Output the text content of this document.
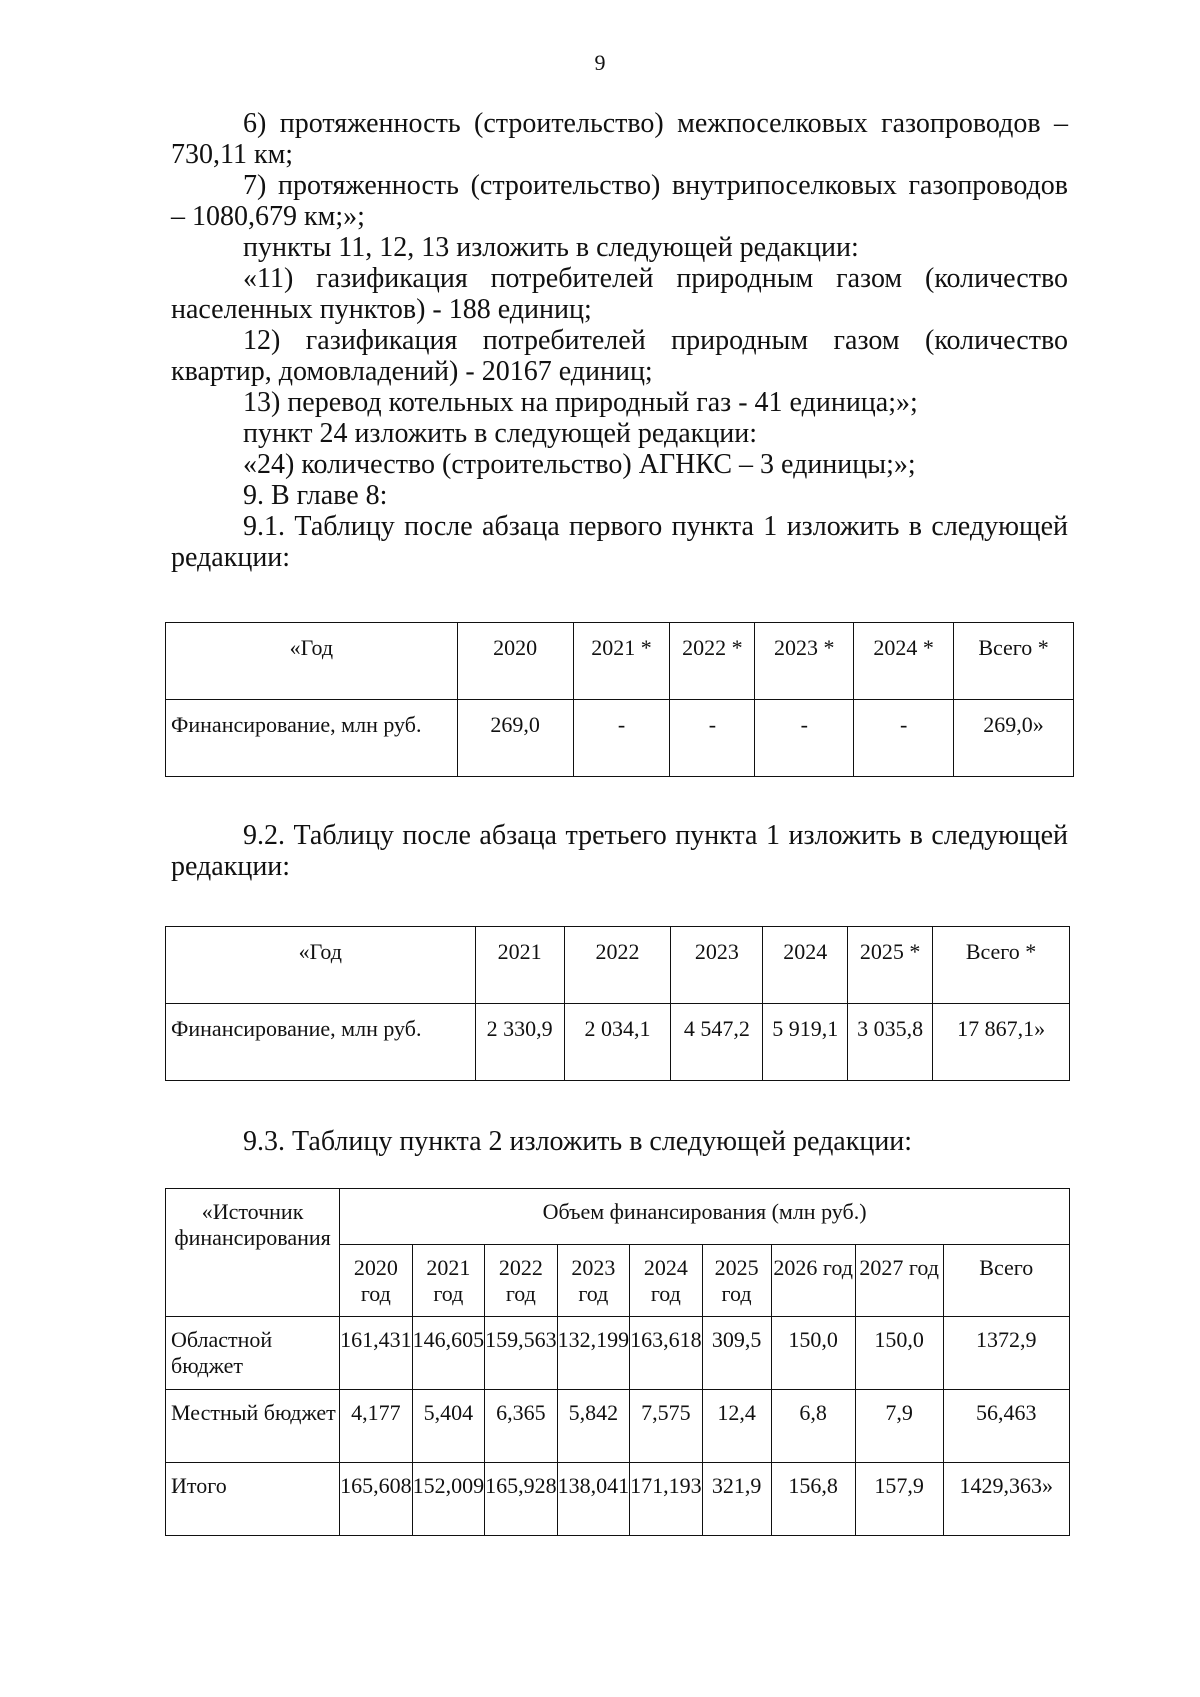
9

6) протяженность (строительство) межпоселковых газопроводов – 730,11 км;

7) протяженность (строительство) внутрипоселковых газопроводов – 1080,679 км;»;

пункты 11, 12, 13 изложить в следующей редакции:

«11) газификация потребителей природным газом (количество населенных пунктов) - 188 единиц;

12) газификация потребителей природным газом (количество квартир, домовладений) - 20167 единиц;

13) перевод котельных на природный газ - 41 единица;»;

пункт 24 изложить в следующей редакции:

«24) количество (строительство) АГНКС – 3 единицы;»;

9. В главе 8:

9.1. Таблицу после абзаца первого пункта 1 изложить в следующей редакции:

«Год	2020	2021 *	2022 *	2023 *	2024 *	Всего *
Финансирование, млн руб.	269,0	-	-	-	-	269,0»

9.2. Таблицу после абзаца третьего пункта 1 изложить в следующей редакции:

«Год	2021	2022	2023	2024	2025 *	Всего *
Финансирование, млн руб.	2 330,9	2 034,1	4 547,2	5 919,1	3 035,8	17 867,1»

9.3. Таблицу пункта 2 изложить в следующей редакции:

«Источник финансирования	Объем финансирования (млн руб.)								
	2020 год	2021 год	2022 год	2023 год	2024 год	2025 год	2026 год	2027 год	Всего
Областной бюджет	161,431	146,605	159,563	132,199	163,618	309,5	150,0	150,0	1372,9
Местный бюджет	4,177	5,404	6,365	5,842	7,575	12,4	6,8	7,9	56,463
Итого	165,608	152,009	165,928	138,041	171,193	321,9	156,8	157,9	1429,363»
